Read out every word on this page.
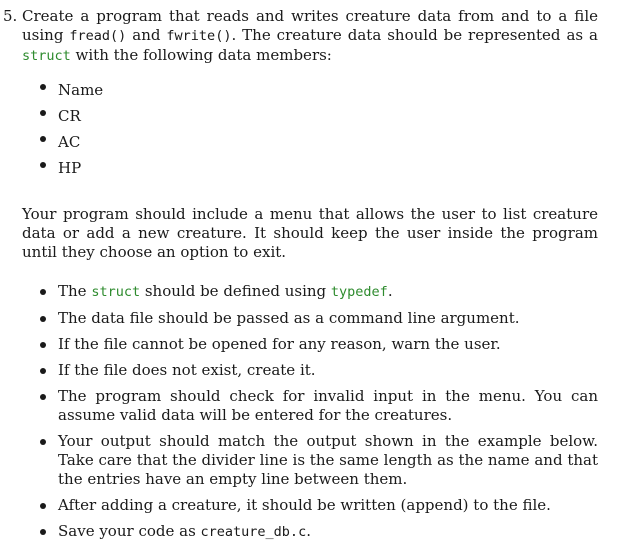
5. Create a program that reads and writes creature data from and to a file using fread() and fwrite(). The creature data should be represented as a struct with the following data members:
Name
CR
AC
HP
Your program should include a menu that allows the user to list creature data or add a new creature. It should keep the user inside the program until they choose an option to exit.
The struct should be defined using typedef.
The data file should be passed as a command line argument.
If the file cannot be opened for any reason, warn the user.
If the file does not exist, create it.
The program should check for invalid input in the menu. You can assume valid data will be entered for the creatures.
Your output should match the output shown in the example below. Take care that the divider line is the same length as the name and that the entries have an empty line between them.
After adding a creature, it should be written (append) to the file.
Save your code as creature_db.c.
